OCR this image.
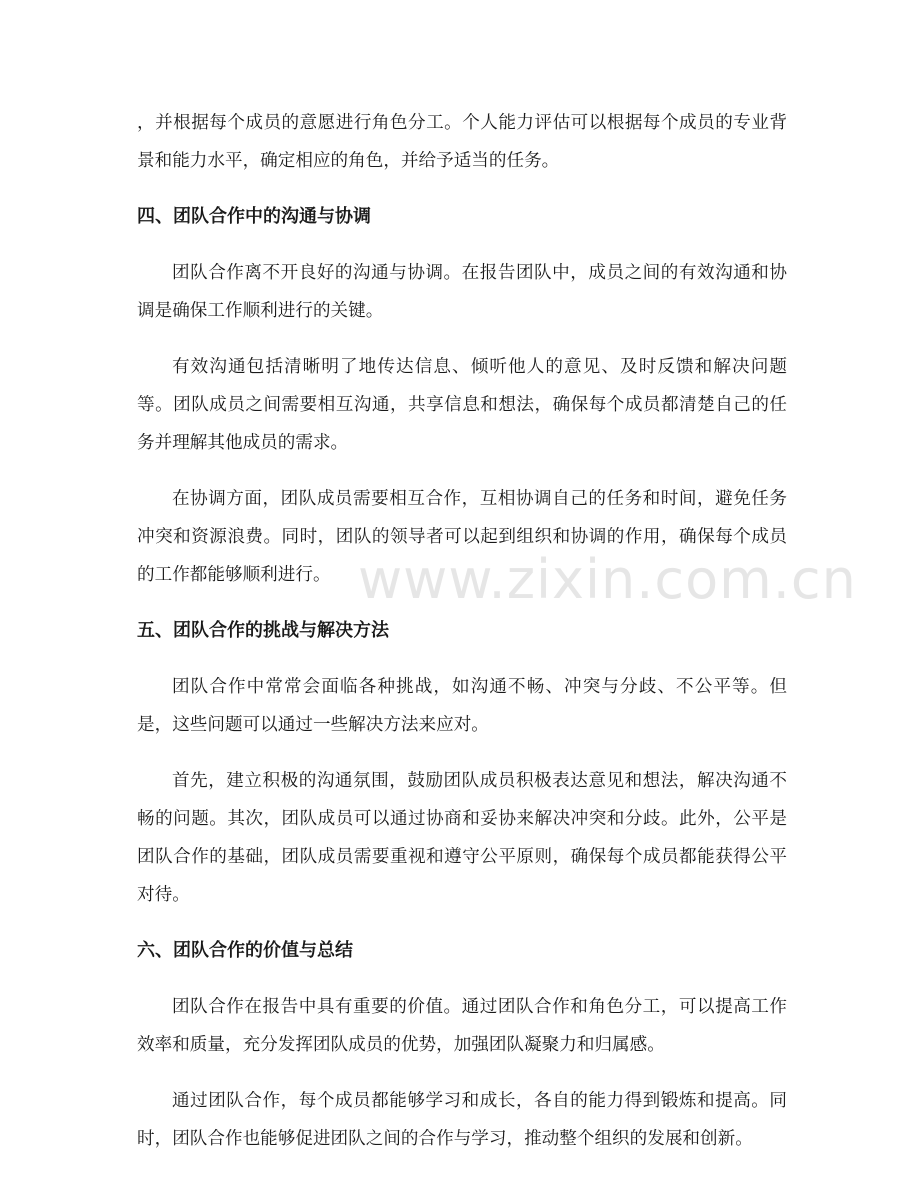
，并根据每个成员的意愿进行角色分工。个人能力评估可以根据每个成员的专业背景和能力水平，确定相应的角色，并给予适当的任务。

四、团队合作中的沟通与协调

团队合作离不开良好的沟通与协调。在报告团队中，成员之间的有效沟通和协调是确保工作顺利进行的关键。

有效沟通包括清晰明了地传达信息、倾听他人的意见、及时反馈和解决问题等。团队成员之间需要相互沟通，共享信息和想法，确保每个成员都清楚自己的任务并理解其他成员的需求。

在协调方面，团队成员需要相互合作，互相协调自己的任务和时间，避免任务冲突和资源浪费。同时，团队的领导者可以起到组织和协调的作用，确保每个成员的工作都能够顺利进行。

五、团队合作的挑战与解决方法

团队合作中常常会面临各种挑战，如沟通不畅、冲突与分歧、不公平等。但是，这些问题可以通过一些解决方法来应对。

首先，建立积极的沟通氛围，鼓励团队成员积极表达意见和想法，解决沟通不畅的问题。其次，团队成员可以通过协商和妥协来解决冲突和分歧。此外，公平是团队合作的基础，团队成员需要重视和遵守公平原则，确保每个成员都能获得公平对待。

六、团队合作的价值与总结

团队合作在报告中具有重要的价值。通过团队合作和角色分工，可以提高工作效率和质量，充分发挥团队成员的优势，加强团队凝聚力和归属感。

通过团队合作，每个成员都能够学习和成长，各自的能力得到锻炼和提高。同时，团队合作也能够促进团队之间的合作与学习，推动整个组织的发展和创新。

www.zixin.com.cn
